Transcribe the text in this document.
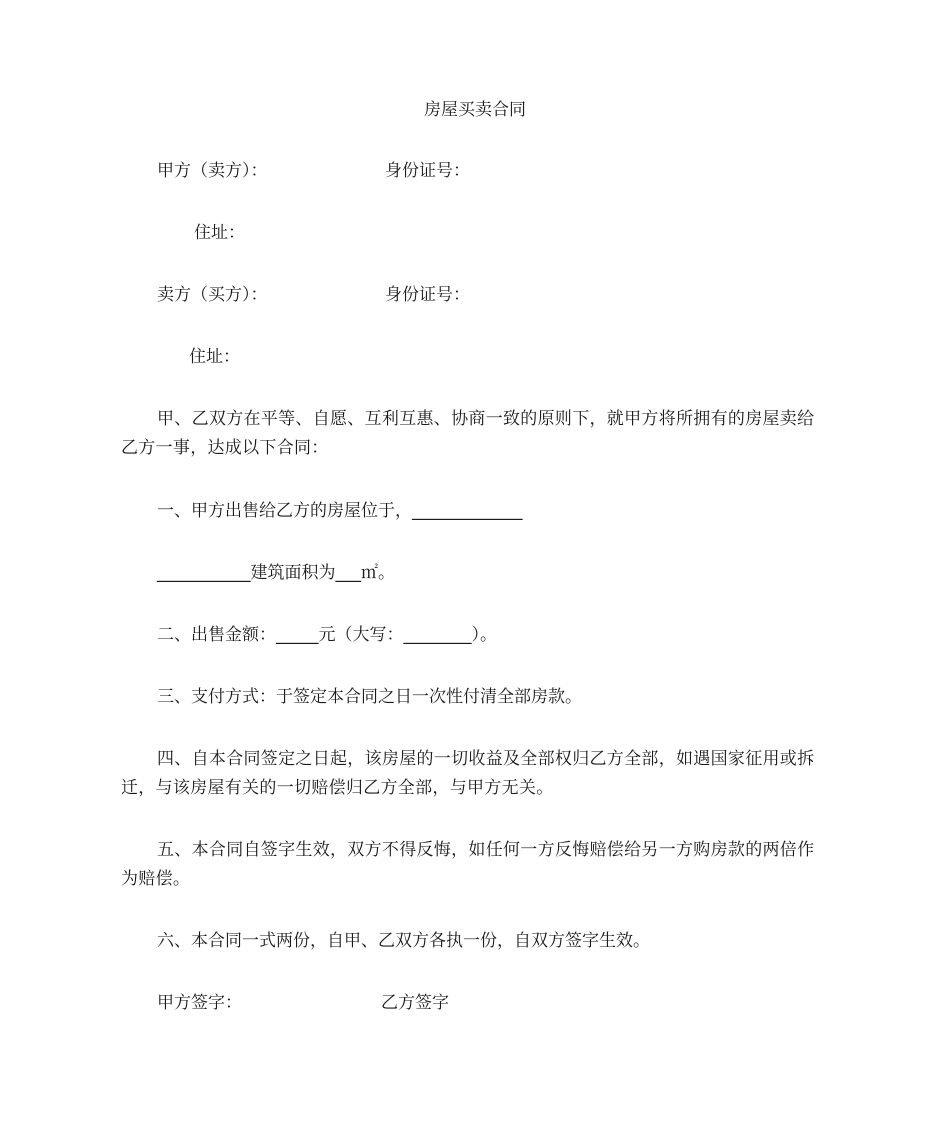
房屋买卖合同

甲方（卖方）：	身份证号：

住址：

卖方（买方）：	身份证号：

住址：

甲、乙双方在平等、自愿、互利互惠、协商一致的原则下，就甲方将所拥有的房屋卖给乙方一事，达成以下合同：

一、甲方出售给乙方的房屋位于，_____________

___________建筑面积为___㎡。

二、出售金额：_____元（大写：________）。

三、支付方式：于签定本合同之日一次性付清全部房款。

四、自本合同签定之日起，该房屋的一切收益及全部权归乙方全部，如遇国家征用或拆迁，与该房屋有关的一切赔偿归乙方全部，与甲方无关。

五、本合同自签字生效，双方不得反悔，如任何一方反悔赔偿给另一方购房款的两倍作为赔偿。

六、本合同一式两份，自甲、乙双方各执一份，自双方签字生效。

甲方签字：	乙方签字
